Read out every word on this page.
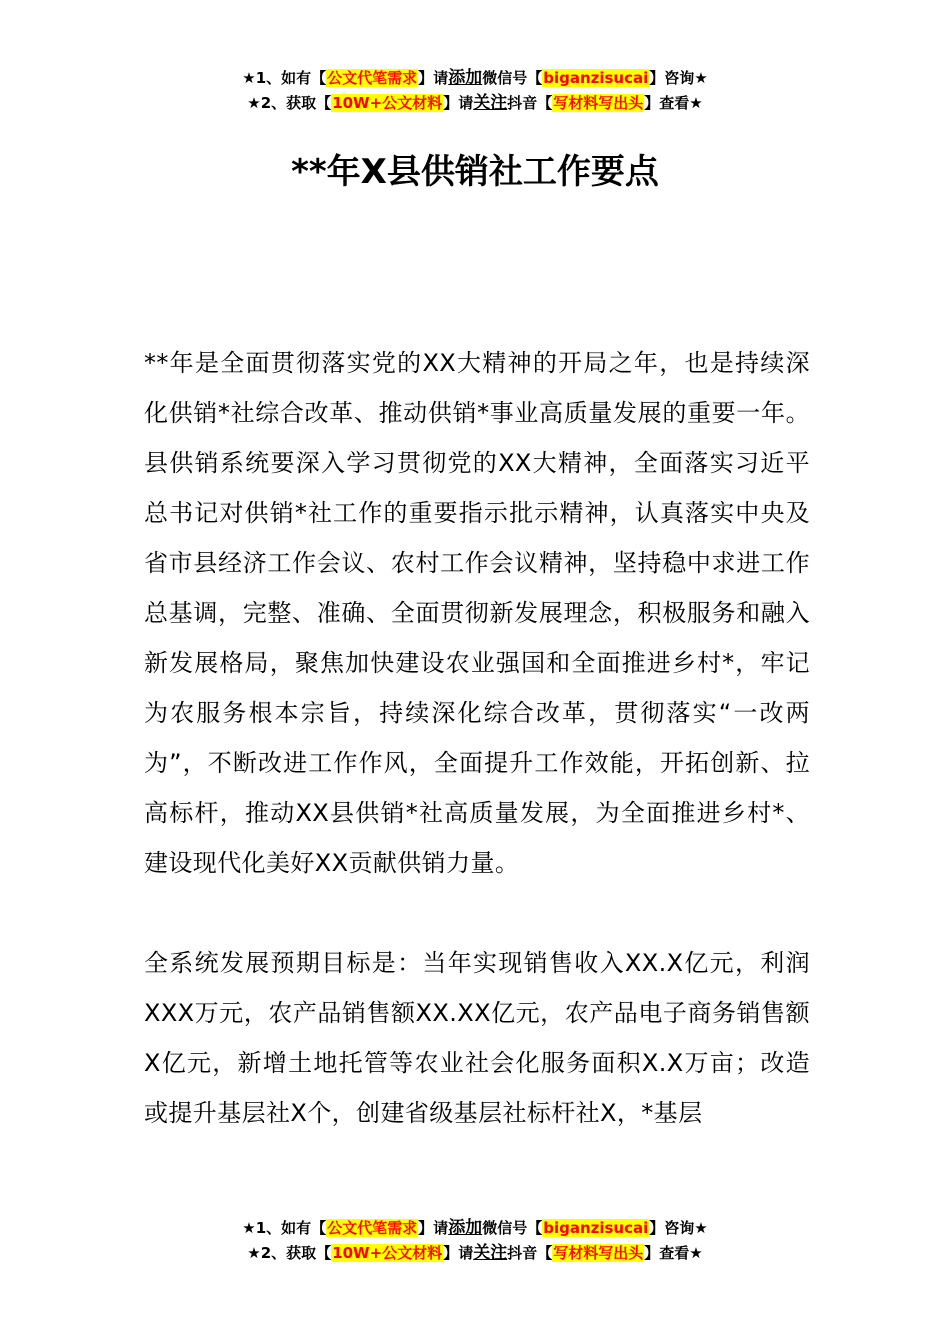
★1、如有【公文代笔需求】请添加微信号【biganzisucai】咨询★
★2、获取【10W+公文材料】请关注抖音【写材料写出头】查看★
**年X县供销社工作要点

**年是全面贯彻落实党的XX大精神的开局之年，也是持续深化供销*社综合改革、推动供销*事业高质量发展的重要一年。县供销系统要深入学习贯彻党的XX大精神，全面落实习近平总书记对供销*社工作的重要指示批示精神，认真落实中央及省市县经济工作会议、农村工作会议精神，坚持稳中求进工作总基调，完整、准确、全面贯彻新发展理念，积极服务和融入新发展格局，聚焦加快建设农业强国和全面推进乡村*，牢记为农服务根本宗旨，持续深化综合改革，贯彻落实“一改两为”，不断改进工作作风，全面提升工作效能，开拓创新、拉高标杆，推动XX县供销*社高质量发展，为全面推进乡村*、建设现代化美好XX贡献供销力量。

全系统发展预期目标是：当年实现销售收入XX.X亿元，利润XXX万元，农产品销售额XX.XX亿元，农产品电子商务销售额X亿元，新增土地托管等农业社会化服务面积X.X万亩；改造或提升基层社X个，创建省级基层社标杆社X，*基层

★1、如有【公文代笔需求】请添加微信号【biganzisucai】咨询★
★2、获取【10W+公文材料】请关注抖音【写材料写出头】查看★
